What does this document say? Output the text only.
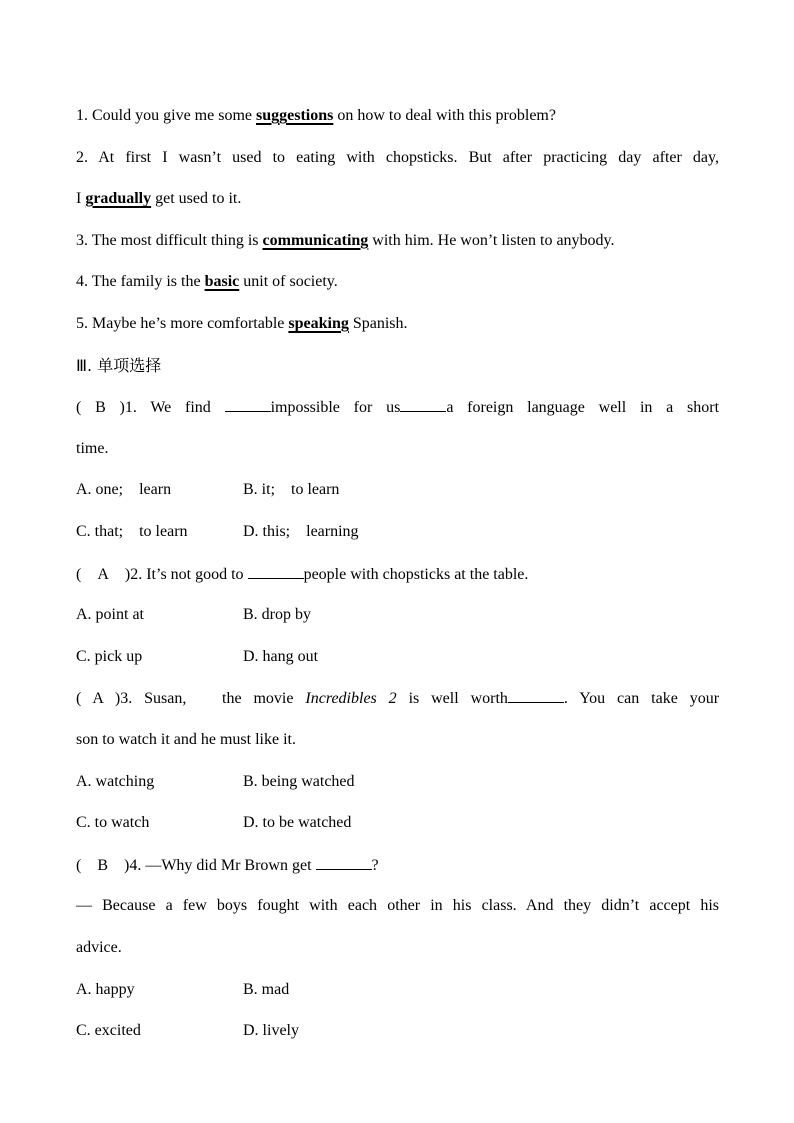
1. Could you give me some suggestions on how to deal with this problem?
2. At first I wasn’t used to eating with chopsticks. But after practicing day after day,
I gradually get used to it.
3. The most difficult thing is communicating with him. He won’t listen to anybody.
4. The family is the basic unit of society.
5. Maybe he’s more comfortable speaking Spanish.
Ⅲ. 单项选择
( B )1. We find	impossible for us	a foreign language well in a short
time.
A. one;    learn	B. it;    to learn
C. that;    to learn	D. this;    learning
( A )2. It’s not good to	people with chopsticks at the table.
A. point at	B. drop by
C. pick up	D. hang out
( A )3. Susan,   the movie Incredibles 2 is well worth	. You can take your
son to watch it and he must like it.
A. watching	B. being watched
C. to watch	D. to be watched
( B )4. —Why did Mr Brown get	?
— Because a few boys fought with each other in his class. And they didn’t accept his
advice.
A. happy	B. mad
C. excited	D. lively
